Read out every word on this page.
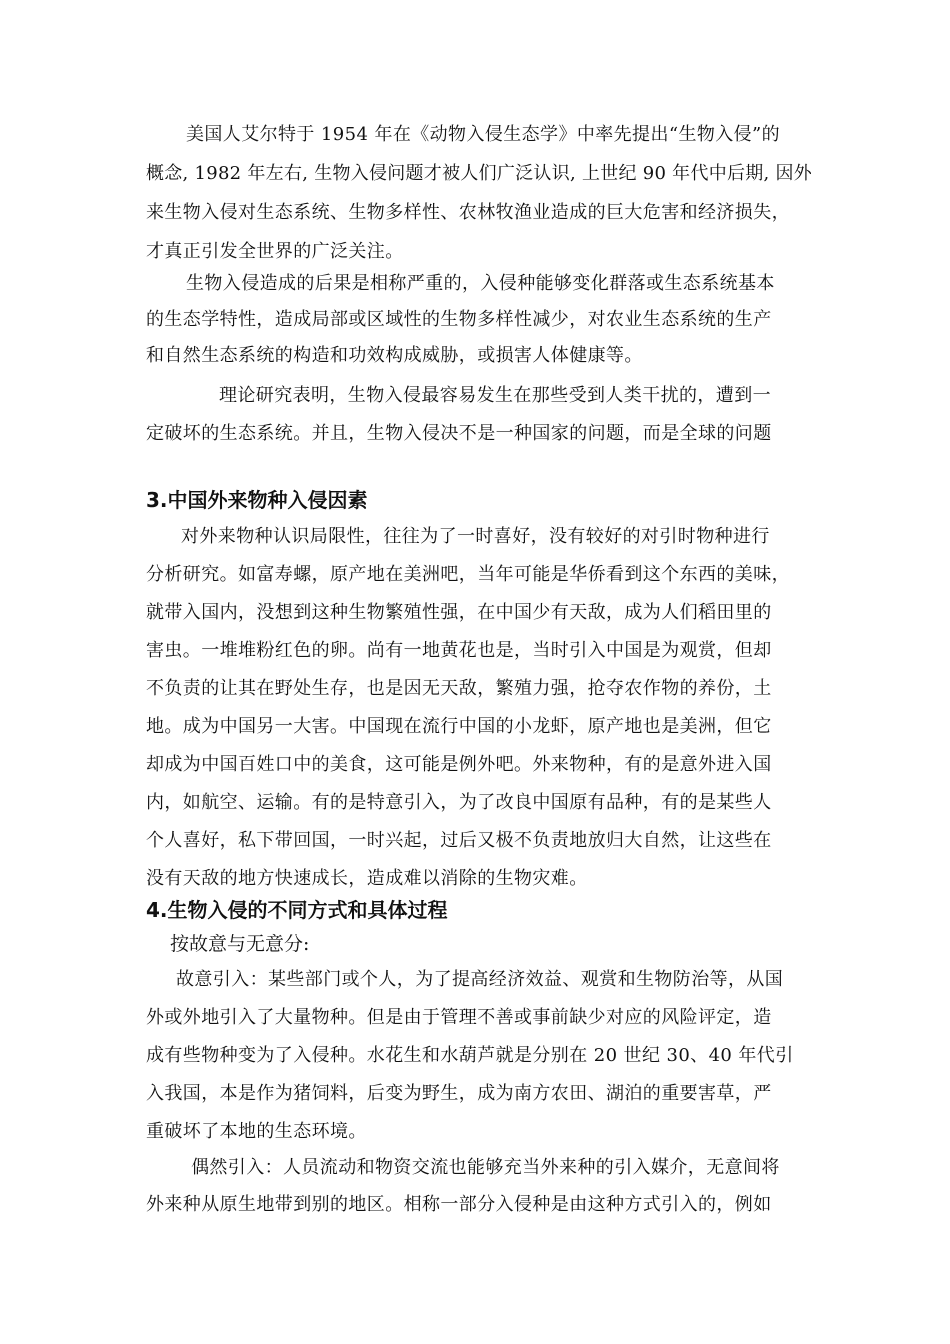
美国人艾尔特于 1954 年在《动物入侵生态学》中率先提出“生物入侵”的
概念, 1982 年左右, 生物入侵问题才被人们广泛认识, 上世纪 90 年代中后期, 因外
来生物入侵对生态系统、生物多样性、农林牧渔业造成的巨大危害和经济损失，
才真正引发全世界的广泛关注。
生物入侵造成的后果是相称严重的，入侵种能够变化群落或生态系统基本
的生态学特性，造成局部或区域性的生物多样性减少，对农业生态系统的生产
和自然生态系统的构造和功效构成威胁，或损害人体健康等。
理论研究表明，生物入侵最容易发生在那些受到人类干扰的，遭到一
定破坏的生态系统。并且，生物入侵决不是一种国家的问题，而是全球的问题
3.中国外来物种入侵因素
对外来物种认识局限性，往往为了一时喜好，没有较好的对引时物种进行
分析研究。如富寿螺，原产地在美洲吧，当年可能是华侨看到这个东西的美味，
就带入国内，没想到这种生物繁殖性强，在中国少有天敌，成为人们稻田里的
害虫。一堆堆粉红色的卵。尚有一地黄花也是，当时引入中国是为观赏，但却
不负责的让其在野处生存，也是因无天敌，繁殖力强，抢夺农作物的养份，土
地。成为中国另一大害。中国现在流行中国的小龙虾，原产地也是美洲，但它
却成为中国百姓口中的美食，这可能是例外吧。外来物种，有的是意外进入国
内，如航空、运输。有的是特意引入，为了改良中国原有品种，有的是某些人
个人喜好，私下带回国，一时兴起，过后又极不负责地放归大自然，让这些在
没有天敌的地方快速成长，造成难以消除的生物灾难。
4.生物入侵的不同方式和具体过程
按故意与无意分:
故意引入：某些部门或个人，为了提高经济效益、观赏和生物防治等，从国
外或外地引入了大量物种。但是由于管理不善或事前缺少对应的风险评定，造
成有些物种变为了入侵种。水花生和水葫芦就是分别在 20 世纪 30、40 年代引
入我国，本是作为猪饲料，后变为野生，成为南方农田、湖泊的重要害草，严
重破坏了本地的生态环境。
偶然引入：人员流动和物资交流也能够充当外来种的引入媒介，无意间将
外来种从原生地带到别的地区。相称一部分入侵种是由这种方式引入的，例如
